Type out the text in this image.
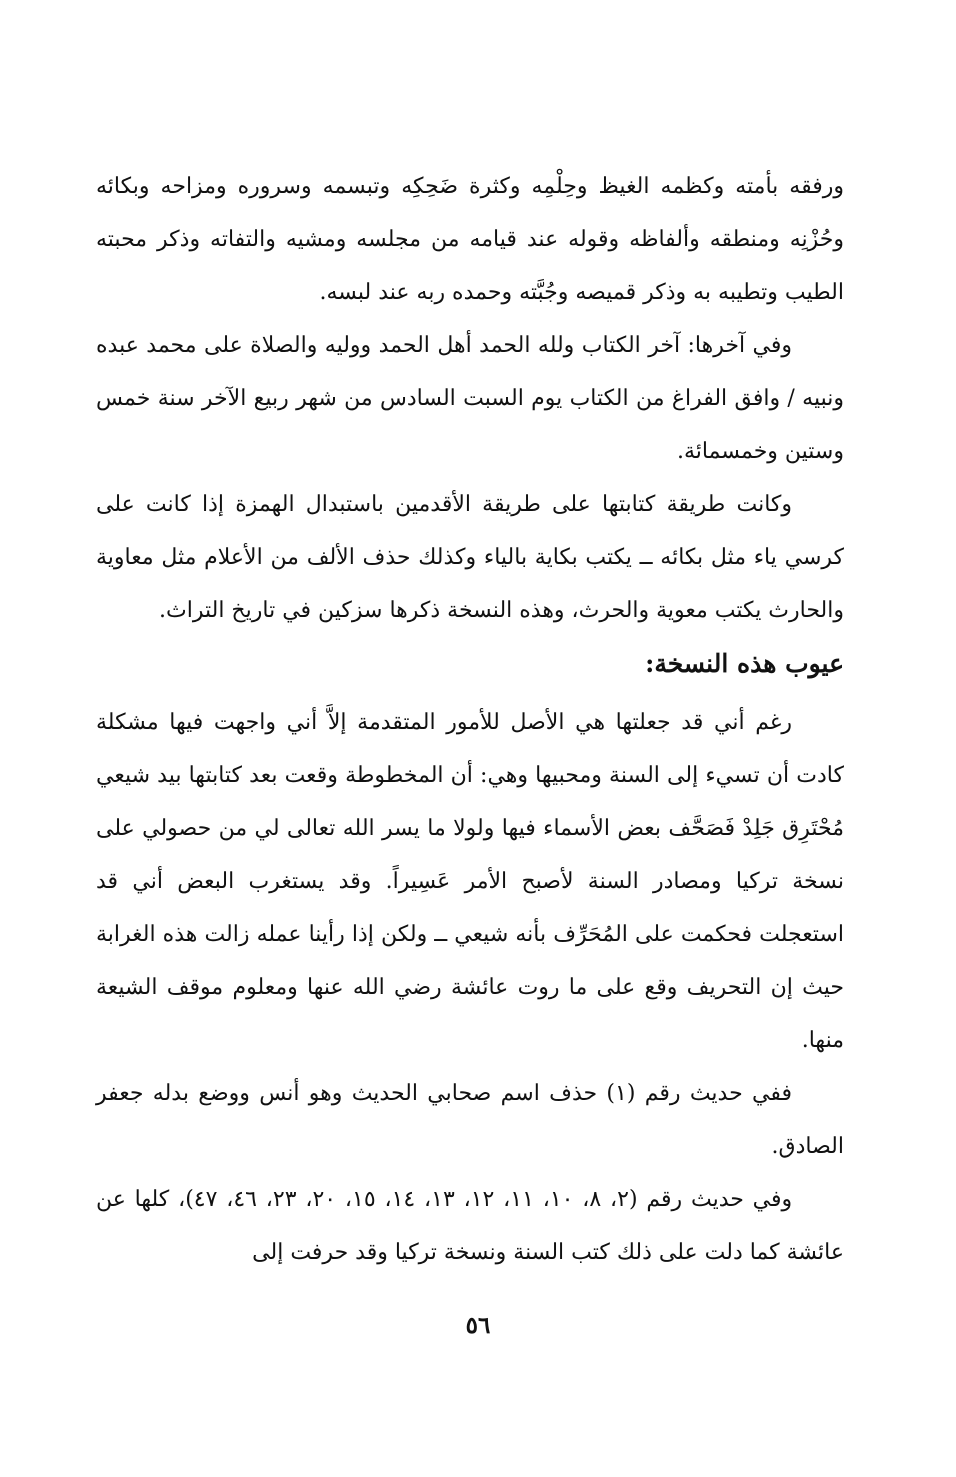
ورفقه بأمته وكظمه الغيظ وحِلْمِه وكثرة ضَحِكِه وتبسمه وسروره ومزاحه وبكائه وحُزْنِه ومنطقه وألفاظه وقوله عند قيامه من مجلسه ومشيه والتفاته وذكر محبته الطيب وتطيبه به وذكر قميصه وجُبَّته وحمده ربه عند لبسه.

وفي آخرها: آخر الكتاب ولله الحمد أهل الحمد ووليه والصلاة على محمد عبده ونبيه / وافق الفراغ من الكتاب يوم السبت السادس من شهر ربيع الآخر سنة خمس وستين وخمسمائة.

وكانت طريقة كتابتها على طريقة الأقدمين باستبدال الهمزة إذا كانت على كرسي ياء مثل بكائه ــ يكتب بكاية بالياء وكذلك حذف الألف من الأعلام مثل معاوية والحارث يكتب معوية والحرث، وهذه النسخة ذكرها سزكين في تاريخ التراث.

عيوب هذه النسخة:

رغم أني قد جعلتها هي الأصل للأمور المتقدمة إلاَّ أني واجهت فيها مشكلة كادت أن تسيء إلى السنة ومحبيها وهي: أن المخطوطة وقعت بعد كتابتها بيد شيعي مُحْتَرِق جَلِدْ فَصَحَّف بعض الأسماء فيها ولولا ما يسر الله تعالى لي من حصولي على نسخة تركيا ومصادر السنة لأصبح الأمر عَسِيراً. وقد يستغرب البعض أني قد استعجلت فحكمت على المُحَرِّف بأنه شيعي ــ ولكن إذا رأينا عمله زالت هذه الغرابة حيث إن التحريف وقع على ما روت عائشة رضي الله عنها ومعلوم موقف الشيعة منها.

ففي حديث رقم (١) حذف اسم صحابي الحديث وهو أنس ووضع بدله جعفر الصادق.

وفي حديث رقم (٢، ٨، ١٠، ١١، ١٢، ١٣، ١٤، ١٥، ٢٠، ٢٣، ٤٦، ٤٧)، كلها عن عائشة كما دلت على ذلك كتب السنة ونسخة تركيا وقد حرفت إلى

٥٦
